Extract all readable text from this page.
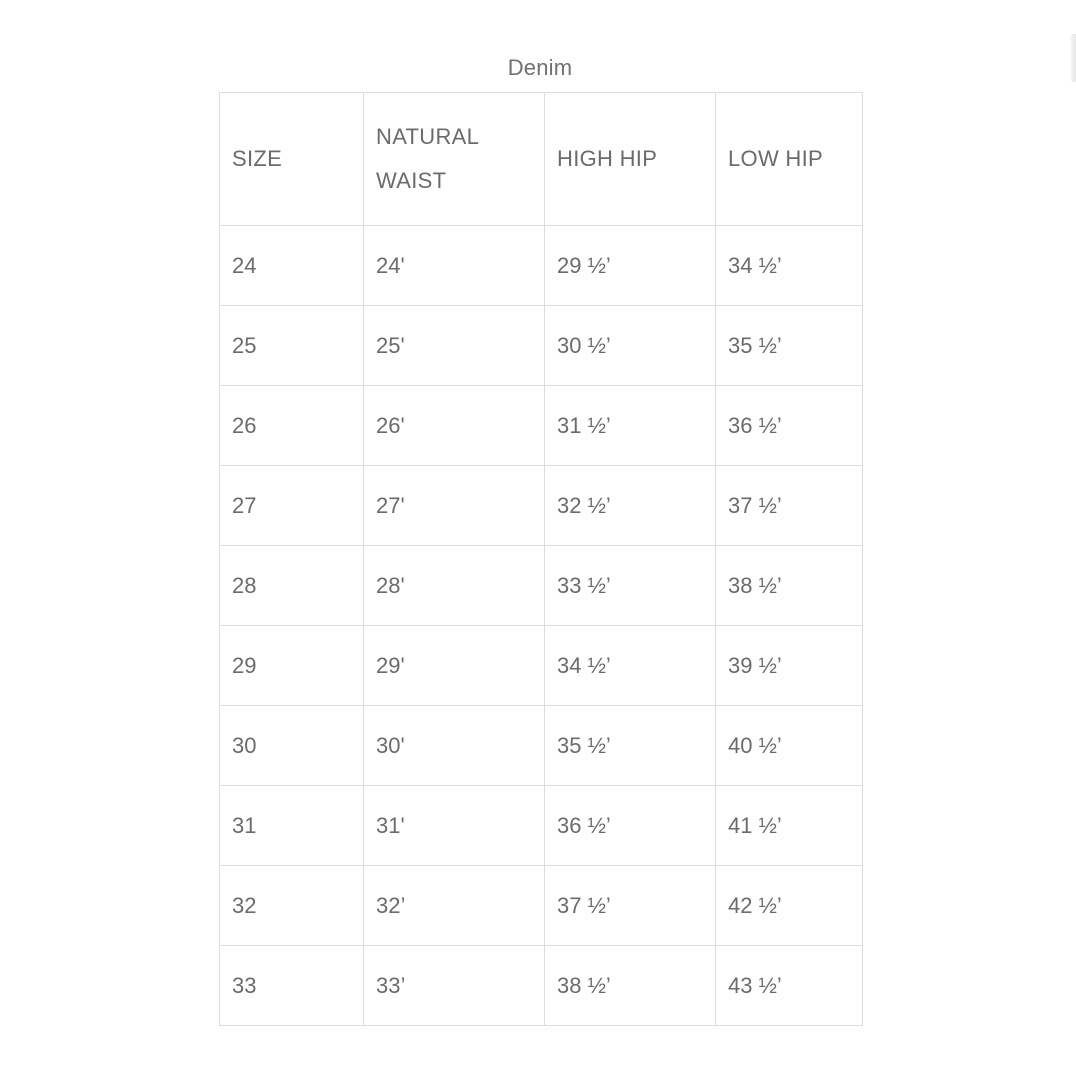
Denim
SIZE	NATURAL WAIST	HIGH HIP	LOW HIP
24	24'	29 ½’	34 ½’
25	25'	30 ½’	35 ½’
26	26'	31 ½’	36 ½’
27	27'	32 ½’	37 ½’
28	28'	33 ½’	38 ½’
29	29'	34 ½’	39 ½’
30	30'	35 ½’	40 ½’
31	31'	36 ½’	41 ½’
32	32’	37 ½’	42 ½’
33	33’	38 ½’	43 ½’
